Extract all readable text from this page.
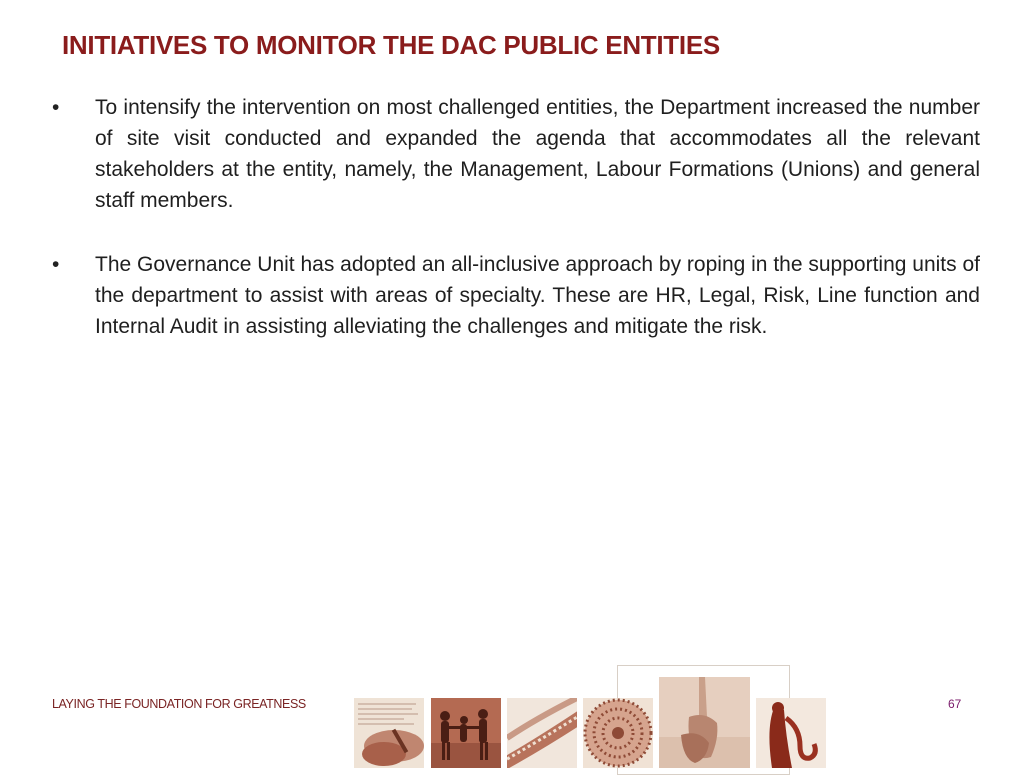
INITIATIVES TO MONITOR THE DAC PUBLIC ENTITIES
•	To intensify the intervention on most challenged entities, the Department increased the number of site visit conducted and expanded the agenda that accommodates all the relevant stakeholders at the entity, namely, the Management, Labour Formations (Unions) and general staff members.
•	The Governance Unit has adopted an all-inclusive approach by roping in the supporting units of the department to assist with areas of specialty. These are HR, Legal, Risk, Line function and Internal Audit in assisting alleviating the challenges and mitigate the risk.
LAYING THE FOUNDATION FOR GREATNESS	67
